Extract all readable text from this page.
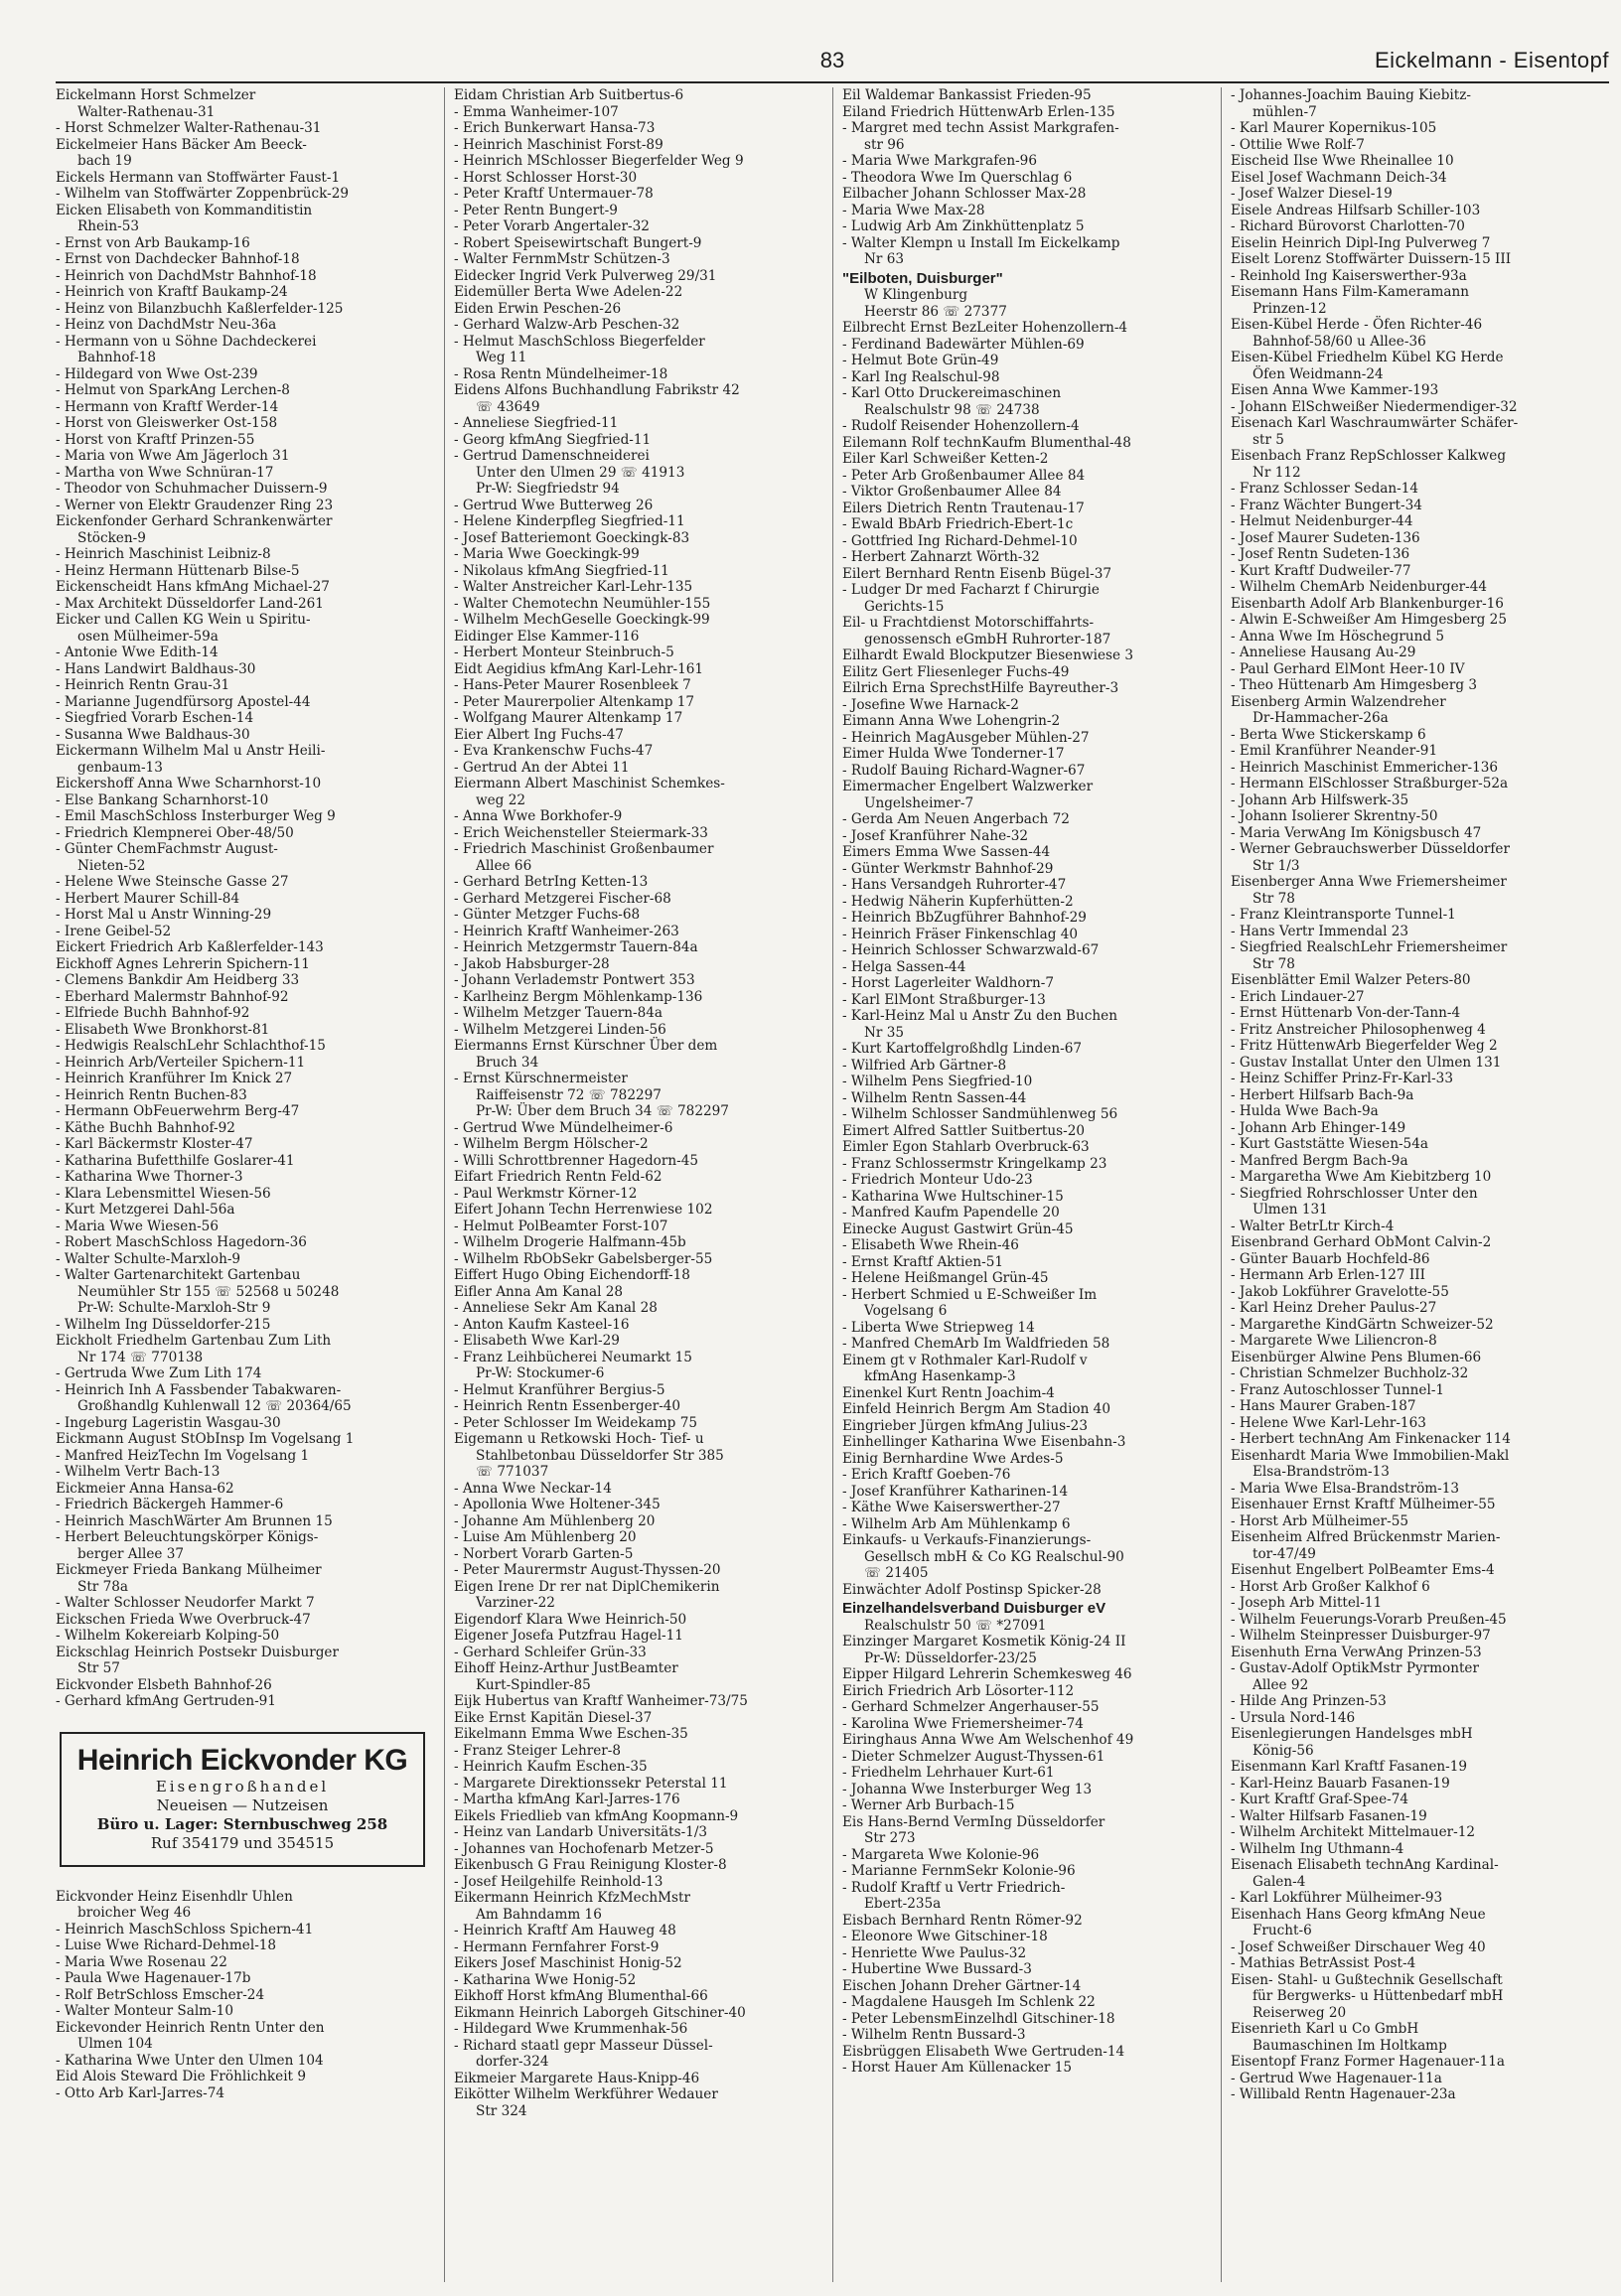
83	Eickelmann - Eisentopf
Eickelmann Horst Schmelzer
Walter-Rathenau-31
- Horst Schmelzer Walter-Rathenau-31
Eickelmeier Hans Bäcker Am Beeck-
bach 19
Eickels Hermann van Stoffwärter Faust-1
- Wilhelm van Stoffwärter Zoppenbrück-29
Eicken Elisabeth von Kommanditistin
Rhein-53
- Ernst von Arb Baukamp-16
- Ernst von Dachdecker Bahnhof-18
- Heinrich von DachdMstr Bahnhof-18
- Heinrich von Kraftf Baukamp-24
- Heinz von Bilanzbuchh Kaßlerfelder-125
- Heinz von DachdMstr Neu-36a
- Hermann von u Söhne Dachdeckerei
Bahnhof-18
- Hildegard von Wwe Ost-239
- Helmut von SparkAng Lerchen-8
- Hermann von Kraftf Werder-14
- Horst von Gleiswerker Ost-158
- Horst von Kraftf Prinzen-55
- Maria von Wwe Am Jägerloch 31
- Martha von Wwe Schnüran-17
- Theodor von Schuhmacher Duissern-9
- Werner von Elektr Graudenzer Ring 23
Eickenfonder Gerhard Schrankenwärter
Stöcken-9
- Heinrich Maschinist Leibniz-8
- Heinz Hermann Hüttenarb Bilse-5
Eickenscheidt Hans kfmAng Michael-27
- Max Architekt Düsseldorfer Land-261
Eicker und Callen KG Wein u Spiritu-
osen Mülheimer-59a
- Antonie Wwe Edith-14
- Hans Landwirt Baldhaus-30
- Heinrich Rentn Grau-31
- Marianne Jugendfürsorg Apostel-44
- Siegfried Vorarb Eschen-14
- Susanna Wwe Baldhaus-30
Eickermann Wilhelm Mal u Anstr Heili-
genbaum-13
Eickershoff Anna Wwe Scharnhorst-10
- Else Bankang Scharnhorst-10
- Emil MaschSchloss Insterburger Weg 9
- Friedrich Klempnerei Ober-48/50
- Günter ChemFachmstr August-
Nieten-52
- Helene Wwe Steinsche Gasse 27
- Herbert Maurer Schill-84
- Horst Mal u Anstr Winning-29
- Irene Geibel-52
Eickert Friedrich Arb Kaßlerfelder-143
Eickhoff Agnes Lehrerin Spichern-11
- Clemens Bankdir Am Heidberg 33
- Eberhard Malermstr Bahnhof-92
- Elfriede Buchh Bahnhof-92
- Elisabeth Wwe Bronkhorst-81
- Hedwigis RealschLehr Schlachthof-15
- Heinrich Arb/Verteiler Spichern-11
- Heinrich Kranführer Im Knick 27
- Heinrich Rentn Buchen-83
- Hermann ObFeuerwehrm Berg-47
- Käthe Buchh Bahnhof-92
- Karl Bäckermstr Kloster-47
- Katharina Bufetthilfe Goslarer-41
- Katharina Wwe Thorner-3
- Klara Lebensmittel Wiesen-56
- Kurt Metzgerei Dahl-56a
- Maria Wwe Wiesen-56
- Robert MaschSchloss Hagedorn-36
- Walter Schulte-Marxloh-9
- Walter Gartenarchitekt Gartenbau
Neumühler Str 155 ☏ 52568 u 50248
Pr-W: Schulte-Marxloh-Str 9
- Wilhelm Ing Düsseldorfer-215
Eickholt Friedhelm Gartenbau Zum Lith
Nr 174 ☏ 770138
- Gertruda Wwe Zum Lith 174
- Heinrich Inh A Fassbender Tabakwaren-
Großhandlg Kuhlenwall 12 ☏ 20364/65
- Ingeburg Lageristin Wasgau-30
Eickmann August StObInsp Im Vogelsang 1
- Manfred HeizTechn Im Vogelsang 1
- Wilhelm Vertr Bach-13
Eickmeier Anna Hansa-62
- Friedrich Bäckergeh Hammer-6
- Heinrich MaschWärter Am Brunnen 15
- Herbert Beleuchtungskörper Königs-
berger Allee 37
Eickmeyer Frieda Bankang Mülheimer
Str 78a
- Walter Schlosser Neudorfer Markt 7
Eickschen Frieda Wwe Overbruck-47
- Wilhelm Kokereiarb Kolping-50
Eickschlag Heinrich Postsekr Duisburger
Str 57
Eickvonder Elsbeth Bahnhof-26
- Gerhard kfmAng Gertruden-91
Heinrich Eickvonder KG
Eisengroßhandel
Neueisen — Nutzeisen
Büro u. Lager: Sternbuschweg 258
Ruf 354179 und 354515
Eickvonder Heinz Eisenhdlr Uhlen
broicher Weg 46
- Heinrich MaschSchloss Spichern-41
- Luise Wwe Richard-Dehmel-18
- Maria Wwe Rosenau 22
- Paula Wwe Hagenauer-17b
- Rolf BetrSchloss Emscher-24
- Walter Monteur Salm-10
Eickevonder Heinrich Rentn Unter den
Ulmen 104
- Katharina Wwe Unter den Ulmen 104
Eid Alois Steward Die Fröhlichkeit 9
- Otto Arb Karl-Jarres-74
Eidam Christian Arb Suitbertus-6
- Emma Wanheimer-107
- Erich Bunkerwart Hansa-73
- Heinrich Maschinist Forst-89
- Heinrich MSchlosser Biegerfelder Weg 9
- Horst Schlosser Horst-30
- Peter Kraftf Untermauer-78
- Peter Rentn Bungert-9
- Peter Vorarb Angertaler-32
- Robert Speisewirtschaft Bungert-9
- Walter FernmMstr Schützen-3
Eidecker Ingrid Verk Pulverweg 29/31
Eidemüller Berta Wwe Adelen-22
Eiden Erwin Peschen-26
- Gerhard Walzw-Arb Peschen-32
- Helmut MaschSchloss Biegerfelder
Weg 11
- Rosa Rentn Mündelheimer-18
Eidens Alfons Buchhandlung Fabrikstr 42
☏ 43649
- Anneliese Siegfried-11
- Georg kfmAng Siegfried-11
- Gertrud Damenschneiderei
Unter den Ulmen 29 ☏ 41913
Pr-W: Siegfriedstr 94
- Gertrud Wwe Butterweg 26
- Helene Kinderpfleg Siegfried-11
- Josef Batteriemont Goeckingk-83
- Maria Wwe Goeckingk-99
- Nikolaus kfmAng Siegfried-11
- Walter Anstreicher Karl-Lehr-135
- Walter Chemotechn Neumühler-155
- Wilhelm MechGeselle Goeckingk-99
Eidinger Else Kammer-116
- Herbert Monteur Steinbruch-5
Eidt Aegidius kfmAng Karl-Lehr-161
- Hans-Peter Maurer Rosenbleek 7
- Peter Maurerpolier Altenkamp 17
- Wolfgang Maurer Altenkamp 17
Eier Albert Ing Fuchs-47
- Eva Krankenschw Fuchs-47
- Gertrud An der Abtei 11
Eiermann Albert Maschinist Schemkes-
weg 22
- Anna Wwe Borkhofer-9
- Erich Weichensteller Steiermark-33
- Friedrich Maschinist Großenbaumer
Allee 66
- Gerhard BetrIng Ketten-13
- Gerhard Metzgerei Fischer-68
- Günter Metzger Fuchs-68
- Heinrich Kraftf Wanheimer-263
- Heinrich Metzgermstr Tauern-84a
- Jakob Habsburger-28
- Johann Verlademstr Pontwert 353
- Karlheinz Bergm Möhlenkamp-136
- Wilhelm Metzger Tauern-84a
- Wilhelm Metzgerei Linden-56
Eiermanns Ernst Kürschner Über dem
Bruch 34
- Ernst Kürschnermeister
Raiffeisenstr 72 ☏ 782297
Pr-W: Über dem Bruch 34 ☏ 782297
- Gertrud Wwe Mündelheimer-6
- Wilhelm Bergm Hölscher-2
- Willi Schrottbrenner Hagedorn-45
Eifart Friedrich Rentn Feld-62
- Paul Werkmstr Körner-12
Eifert Johann Techn Herrenwiese 102
- Helmut PolBeamter Forst-107
- Wilhelm Drogerie Halfmann-45b
- Wilhelm RbObSekr Gabelsberger-55
Eiffert Hugo Obing Eichendorff-18
Eifler Anna Am Kanal 28
- Anneliese Sekr Am Kanal 28
- Anton Kaufm Kasteel-16
- Elisabeth Wwe Karl-29
- Franz Leihbücherei Neumarkt 15
Pr-W: Stockumer-6
- Helmut Kranführer Bergius-5
- Heinrich Rentn Essenberger-40
- Peter Schlosser Im Weidekamp 75
Eigemann u Retkowski Hoch- Tief- u
Stahlbetonbau Düsseldorfer Str 385
☏ 771037
- Anna Wwe Neckar-14
- Apollonia Wwe Holtener-345
- Johanne Am Mühlenberg 20
- Luise Am Mühlenberg 20
- Norbert Vorarb Garten-5
- Peter Maurermstr August-Thyssen-20
Eigen Irene Dr rer nat DiplChemikerin
Varziner-22
Eigendorf Klara Wwe Heinrich-50
Eigener Josefa Putzfrau Hagel-11
- Gerhard Schleifer Grün-33
Eihoff Heinz-Arthur JustBeamter
Kurt-Spindler-85
Eijk Hubertus van Kraftf Wanheimer-73/75
Eike Ernst Kapitän Diesel-37
Eikelmann Emma Wwe Eschen-35
- Franz Steiger Lehrer-8
- Heinrich Kaufm Eschen-35
- Margarete Direktionssekr Peterstal 11
- Martha kfmAng Karl-Jarres-176
Eikels Friedlieb van kfmAng Koopmann-9
- Heinz van Landarb Universitäts-1/3
- Johannes van Hochofenarb Metzer-5
Eikenbusch G Frau Reinigung Kloster-8
- Josef Heilgehilfe Reinhold-13
Eikermann Heinrich KfzMechMstr
Am Bahndamm 16
- Heinrich Kraftf Am Hauweg 48
- Hermann Fernfahrer Forst-9
Eikers Josef Maschinist Honig-52
- Katharina Wwe Honig-52
Eikhoff Horst kfmAng Blumenthal-66
Eikmann Heinrich Laborgeh Gitschiner-40
- Hildegard Wwe Krummenhak-56
- Richard staatl gepr Masseur Düssel-
dorfer-324
Eikmeier Margarete Haus-Knipp-46
Eikötter Wilhelm Werkführer Wedauer
Str 324
Eil Waldemar Bankassist Frieden-95
Eiland Friedrich HüttenwArb Erlen-135
- Margret med techn Assist Markgrafen-
str 96
- Maria Wwe Markgrafen-96
- Theodora Wwe Im Querschlag 6
Eilbacher Johann Schlosser Max-28
- Maria Wwe Max-28
- Ludwig Arb Am Zinkhüttenplatz 5
- Walter Klempn u Install Im Eickelkamp
Nr 63
"Eilboten, Duisburger"
W Klingenburg
Heerstr 86 ☏ 27377
Eilbrecht Ernst BezLeiter Hohenzollern-4
- Ferdinand Badewärter Mühlen-69
- Helmut Bote Grün-49
- Karl Ing Realschul-98
- Karl Otto Druckereimaschinen
Realschulstr 98 ☏ 24738
- Rudolf Reisender Hohenzollern-4
Eilemann Rolf technKaufm Blumenthal-48
Eiler Karl Schweißer Ketten-2
- Peter Arb Großenbaumer Allee 84
- Viktor Großenbaumer Allee 84
Eilers Dietrich Rentn Trautenau-17
- Ewald BbArb Friedrich-Ebert-1c
- Gottfried Ing Richard-Dehmel-10
- Herbert Zahnarzt Wörth-32
Eilert Bernhard Rentn Eisenb Bügel-37
- Ludger Dr med Facharzt f Chirurgie
Gerichts-15
Eil- u Frachtdienst Motorschiffahrts-
genossensch eGmbH Ruhrorter-187
Eilhardt Ewald Blockputzer Biesenwiese 3
Eilitz Gert Fliesenleger Fuchs-49
Eilrich Erna SprechstHilfe Bayreuther-3
- Josefine Wwe Harnack-2
Eimann Anna Wwe Lohengrin-2
- Heinrich MagAusgeber Mühlen-27
Eimer Hulda Wwe Tonderner-17
- Rudolf Bauing Richard-Wagner-67
Eimermacher Engelbert Walzwerker
Ungelsheimer-7
- Gerda Am Neuen Angerbach 72
- Josef Kranführer Nahe-32
Eimers Emma Wwe Sassen-44
- Günter Werkmstr Bahnhof-29
- Hans Versandgeh Ruhrorter-47
- Hedwig Näherin Kupferhütten-2
- Heinrich BbZugführer Bahnhof-29
- Heinrich Fräser Finkenschlag 40
- Heinrich Schlosser Schwarzwald-67
- Helga Sassen-44
- Horst Lagerleiter Waldhorn-7
- Karl ElMont Straßburger-13
- Karl-Heinz Mal u Anstr Zu den Buchen
Nr 35
- Kurt Kartoffelgroßhdlg Linden-67
- Wilfried Arb Gärtner-8
- Wilhelm Pens Siegfried-10
- Wilhelm Rentn Sassen-44
- Wilhelm Schlosser Sandmühlenweg 56
Eimert Alfred Sattler Suitbertus-20
Eimler Egon Stahlarb Overbruck-63
- Franz Schlossermstr Kringelkamp 23
- Friedrich Monteur Udo-23
- Katharina Wwe Hultschiner-15
- Manfred Kaufm Papendelle 20
Einecke August Gastwirt Grün-45
- Elisabeth Wwe Rhein-46
- Ernst Kraftf Aktien-51
- Helene Heißmangel Grün-45
- Herbert Schmied u E-Schweißer Im
Vogelsang 6
- Liberta Wwe Striepweg 14
- Manfred ChemArb Im Waldfrieden 58
Einem gt v Rothmaler Karl-Rudolf v
kfmAng Hasenkamp-3
Einenkel Kurt Rentn Joachim-4
Einfeld Heinrich Bergm Am Stadion 40
Eingrieber Jürgen kfmAng Julius-23
Einhellinger Katharina Wwe Eisenbahn-3
Einig Bernhardine Wwe Ardes-5
- Erich Kraftf Goeben-76
- Josef Kranführer Katharinen-14
- Käthe Wwe Kaiserswerther-27
- Wilhelm Arb Am Mühlenkamp 6
Einkaufs- u Verkaufs-Finanzierungs-
Gesellsch mbH & Co KG Realschul-90
☏ 21405
Einwächter Adolf Postinsp Spicker-28
Einzelhandelsverband Duisburger eV
Realschulstr 50 ☏ *27091
Einzinger Margaret Kosmetik König-24 II
Pr-W: Düsseldorfer-23/25
Eipper Hilgard Lehrerin Schemkesweg 46
Eirich Friedrich Arb Lösorter-112
- Gerhard Schmelzer Angerhauser-55
- Karolina Wwe Friemersheimer-74
Eiringhaus Anna Wwe Am Welschenhof 49
- Dieter Schmelzer August-Thyssen-61
- Friedhelm Lehrhauer Kurt-61
- Johanna Wwe Insterburger Weg 13
- Werner Arb Burbach-15
Eis Hans-Bernd VermIng Düsseldorfer
Str 273
- Margareta Wwe Kolonie-96
- Marianne FernmSekr Kolonie-96
- Rudolf Kraftf u Vertr Friedrich-
Ebert-235a
Eisbach Bernhard Rentn Römer-92
- Eleonore Wwe Gitschiner-18
- Henriette Wwe Paulus-32
- Hubertine Wwe Bussard-3
Eischen Johann Dreher Gärtner-14
- Magdalene Hausgeh Im Schlenk 22
- Peter LebensmEinzelhdl Gitschiner-18
- Wilhelm Rentn Bussard-3
Eisbrüggen Elisabeth Wwe Gertruden-14
- Horst Hauer Am Küllenacker 15
- Johannes-Joachim Bauing Kiebitz-
mühlen-7
- Karl Maurer Kopernikus-105
- Ottilie Wwe Rolf-7
Eischeid Ilse Wwe Rheinallee 10
Eisel Josef Wachmann Deich-34
- Josef Walzer Diesel-19
Eisele Andreas Hilfsarb Schiller-103
- Richard Bürovorst Charlotten-70
Eiselin Heinrich Dipl-Ing Pulverweg 7
Eiselt Lorenz Stoffwärter Duissern-15 III
- Reinhold Ing Kaiserswerther-93a
Eisemann Hans Film-Kameramann
Prinzen-12
Eisen-Kübel Herde - Öfen Richter-46
Bahnhof-58/60 u Allee-36
Eisen-Kübel Friedhelm Kübel KG Herde
Öfen Weidmann-24
Eisen Anna Wwe Kammer-193
- Johann ElSchweißer Niedermendiger-32
Eisenach Karl Waschraumwärter Schäfer-
str 5
Eisenbach Franz RepSchlosser Kalkweg
Nr 112
- Franz Schlosser Sedan-14
- Franz Wächter Bungert-34
- Helmut Neidenburger-44
- Josef Maurer Sudeten-136
- Josef Rentn Sudeten-136
- Kurt Kraftf Dudweiler-77
- Wilhelm ChemArb Neidenburger-44
Eisenbarth Adolf Arb Blankenburger-16
- Alwin E-Schweißer Am Himgesberg 25
- Anna Wwe Im Höschegrund 5
- Anneliese Hausang Au-29
- Paul Gerhard ElMont Heer-10 IV
- Theo Hüttenarb Am Himgesberg 3
Eisenberg Armin Walzendreher
Dr-Hammacher-26a
- Berta Wwe Stickerskamp 6
- Emil Kranführer Neander-91
- Heinrich Maschinist Emmericher-136
- Hermann ElSchlosser Straßburger-52a
- Johann Arb Hilfswerk-35
- Johann Isolierer Skrentny-50
- Maria VerwAng Im Königsbusch 47
- Werner Gebrauchswerber Düsseldorfer
Str 1/3
Eisenberger Anna Wwe Friemersheimer
Str 78
- Franz Kleintransporte Tunnel-1
- Hans Vertr Immendal 23
- Siegfried RealschLehr Friemersheimer
Str 78
Eisenblätter Emil Walzer Peters-80
- Erich Lindauer-27
- Ernst Hüttenarb Von-der-Tann-4
- Fritz Anstreicher Philosophenweg 4
- Fritz HüttenwArb Biegerfelder Weg 2
- Gustav Installat Unter den Ulmen 131
- Heinz Schiffer Prinz-Fr-Karl-33
- Herbert Hilfsarb Bach-9a
- Hulda Wwe Bach-9a
- Johann Arb Ehinger-149
- Kurt Gaststätte Wiesen-54a
- Manfred Bergm Bach-9a
- Margaretha Wwe Am Kiebitzberg 10
- Siegfried Rohrschlosser Unter den
Ulmen 131
- Walter BetrLtr Kirch-4
Eisenbrand Gerhard ObMont Calvin-2
- Günter Bauarb Hochfeld-86
- Hermann Arb Erlen-127 III
- Jakob Lokführer Gravelotte-55
- Karl Heinz Dreher Paulus-27
- Margarethe KindGärtn Schweizer-52
- Margarete Wwe Liliencron-8
Eisenbürger Alwine Pens Blumen-66
- Christian Schmelzer Buchholz-32
- Franz Autoschlosser Tunnel-1
- Hans Maurer Graben-187
- Helene Wwe Karl-Lehr-163
- Herbert technAng Am Finkenacker 114
Eisenhardt Maria Wwe Immobilien-Makl
Elsa-Brandström-13
- Maria Wwe Elsa-Brandström-13
Eisenhauer Ernst Kraftf Mülheimer-55
- Horst Arb Mülheimer-55
Eisenheim Alfred Brückenmstr Marien-
tor-47/49
Eisenhut Engelbert PolBeamter Ems-4
- Horst Arb Großer Kalkhof 6
- Joseph Arb Mittel-11
- Wilhelm Feuerungs-Vorarb Preußen-45
- Wilhelm Steinpresser Duisburger-97
Eisenhuth Erna VerwAng Prinzen-53
- Gustav-Adolf OptikMstr Pyrmonter
Allee 92
- Hilde Ang Prinzen-53
- Ursula Nord-146
Eisenlegierungen Handelsges mbH
König-56
Eisenmann Karl Kraftf Fasanen-19
- Karl-Heinz Bauarb Fasanen-19
- Kurt Kraftf Graf-Spee-74
- Walter Hilfsarb Fasanen-19
- Wilhelm Architekt Mittelmauer-12
- Wilhelm Ing Uthmann-4
Eisenach Elisabeth technAng Kardinal-
Galen-4
- Karl Lokführer Mülheimer-93
Eisenhach Hans Georg kfmAng Neue
Frucht-6
- Josef Schweißer Dirschauer Weg 40
- Mathias BetrAssist Post-4
Eisen- Stahl- u Gußtechnik Gesellschaft
für Bergwerks- u Hüttenbedarf mbH
Reiserweg 20
Eisenrieth Karl u Co GmbH
Baumaschinen Im Holtkamp
Eisentopf Franz Former Hagenauer-11a
- Gertrud Wwe Hagenauer-11a
- Willibald Rentn Hagenauer-23a
